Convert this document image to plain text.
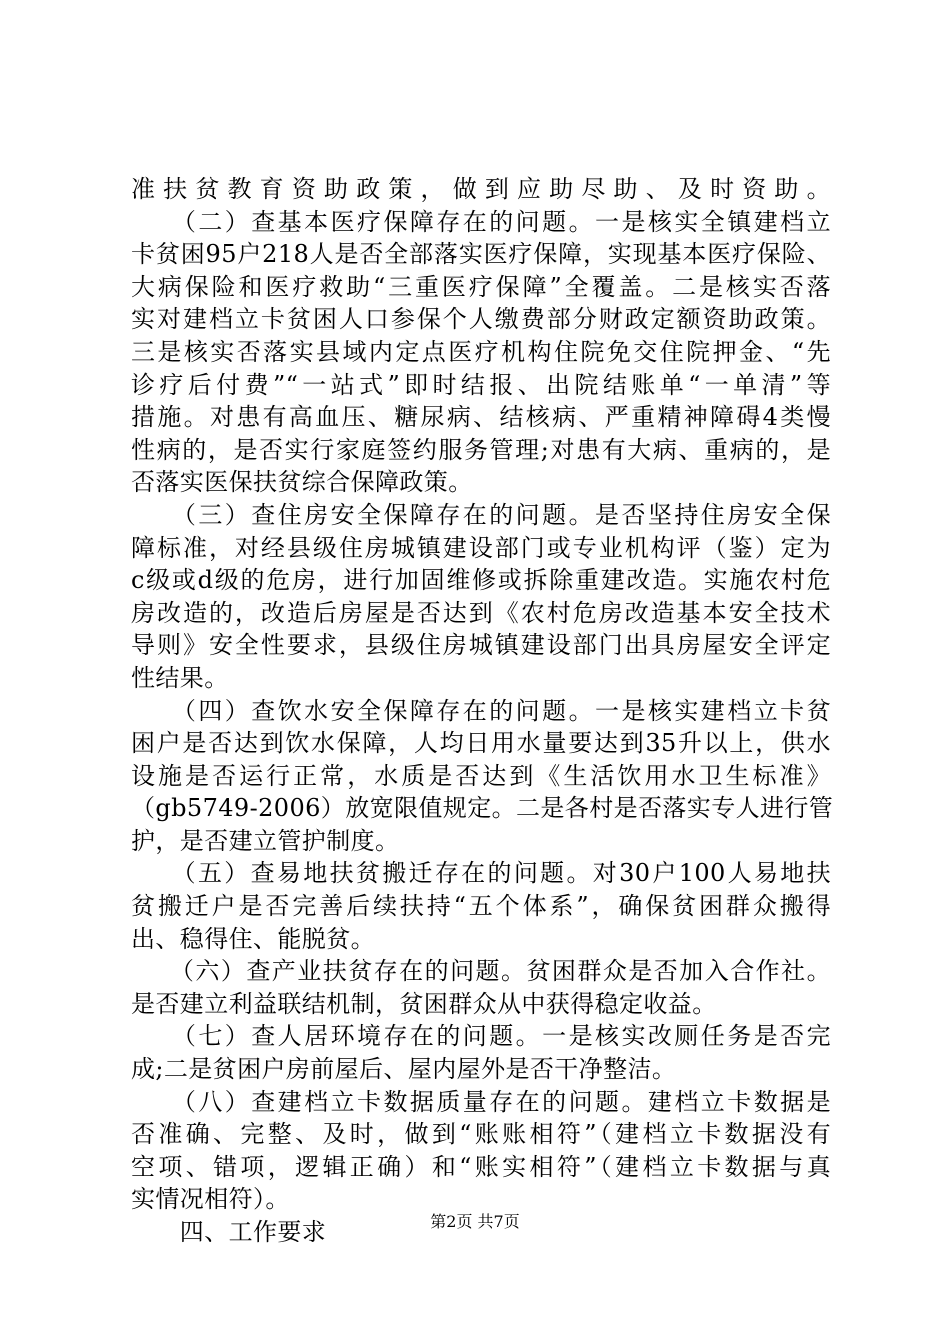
准扶贫教育资助政策，做到应助尽助、及时资助。
　　（二）查基本医疗保障存在的问题。一是核实全镇建档立
卡贫困95户218人是否全部落实医疗保障，实现基本医疗保险、
大病保险和医疗救助“三重医疗保障”全覆盖。二是核实否落
实对建档立卡贫困人口参保个人缴费部分财政定额资助政策。
三是核实否落实县域内定点医疗机构住院免交住院押金、“先
诊疗后付费”“一站式”即时结报、出院结账单“一单清”等
措施。对患有高血压、糖尿病、结核病、严重精神障碍4类慢
性病的，是否实行家庭签约服务管理;对患有大病、重病的，是
否落实医保扶贫综合保障政策。
　　（三）查住房安全保障存在的问题。是否坚持住房安全保
障标准，对经县级住房城镇建设部门或专业机构评（鉴）定为
c级或d级的危房，进行加固维修或拆除重建改造。实施农村危
房改造的，改造后房屋是否达到《农村危房改造基本安全技术
导则》安全性要求，县级住房城镇建设部门出具房屋安全评定
性结果。
　　（四）查饮水安全保障存在的问题。一是核实建档立卡贫
困户是否达到饮水保障，人均日用水量要达到35升以上，供水
设施是否运行正常，水质是否达到《生活饮用水卫生标准》
（gb5749-2006）放宽限值规定。二是各村是否落实专人进行管
护，是否建立管护制度。
　　（五）查易地扶贫搬迁存在的问题。对30户100人易地扶
贫搬迁户是否完善后续扶持“五个体系”，确保贫困群众搬得
出、稳得住、能脱贫。
　　（六）查产业扶贫存在的问题。贫困群众是否加入合作社。
是否建立利益联结机制，贫困群众从中获得稳定收益。
　　（七）查人居环境存在的问题。一是核实改厕任务是否完
成;二是贫困户房前屋后、屋内屋外是否干净整洁。
　　（八）查建档立卡数据质量存在的问题。建档立卡数据是
否准确、完整、及时，做到“账账相符”（建档立卡数据没有
空项、错项，逻辑正确）和“账实相符”（建档立卡数据与真
实情况相符）。
　　四、工作要求	第2页 共7页
